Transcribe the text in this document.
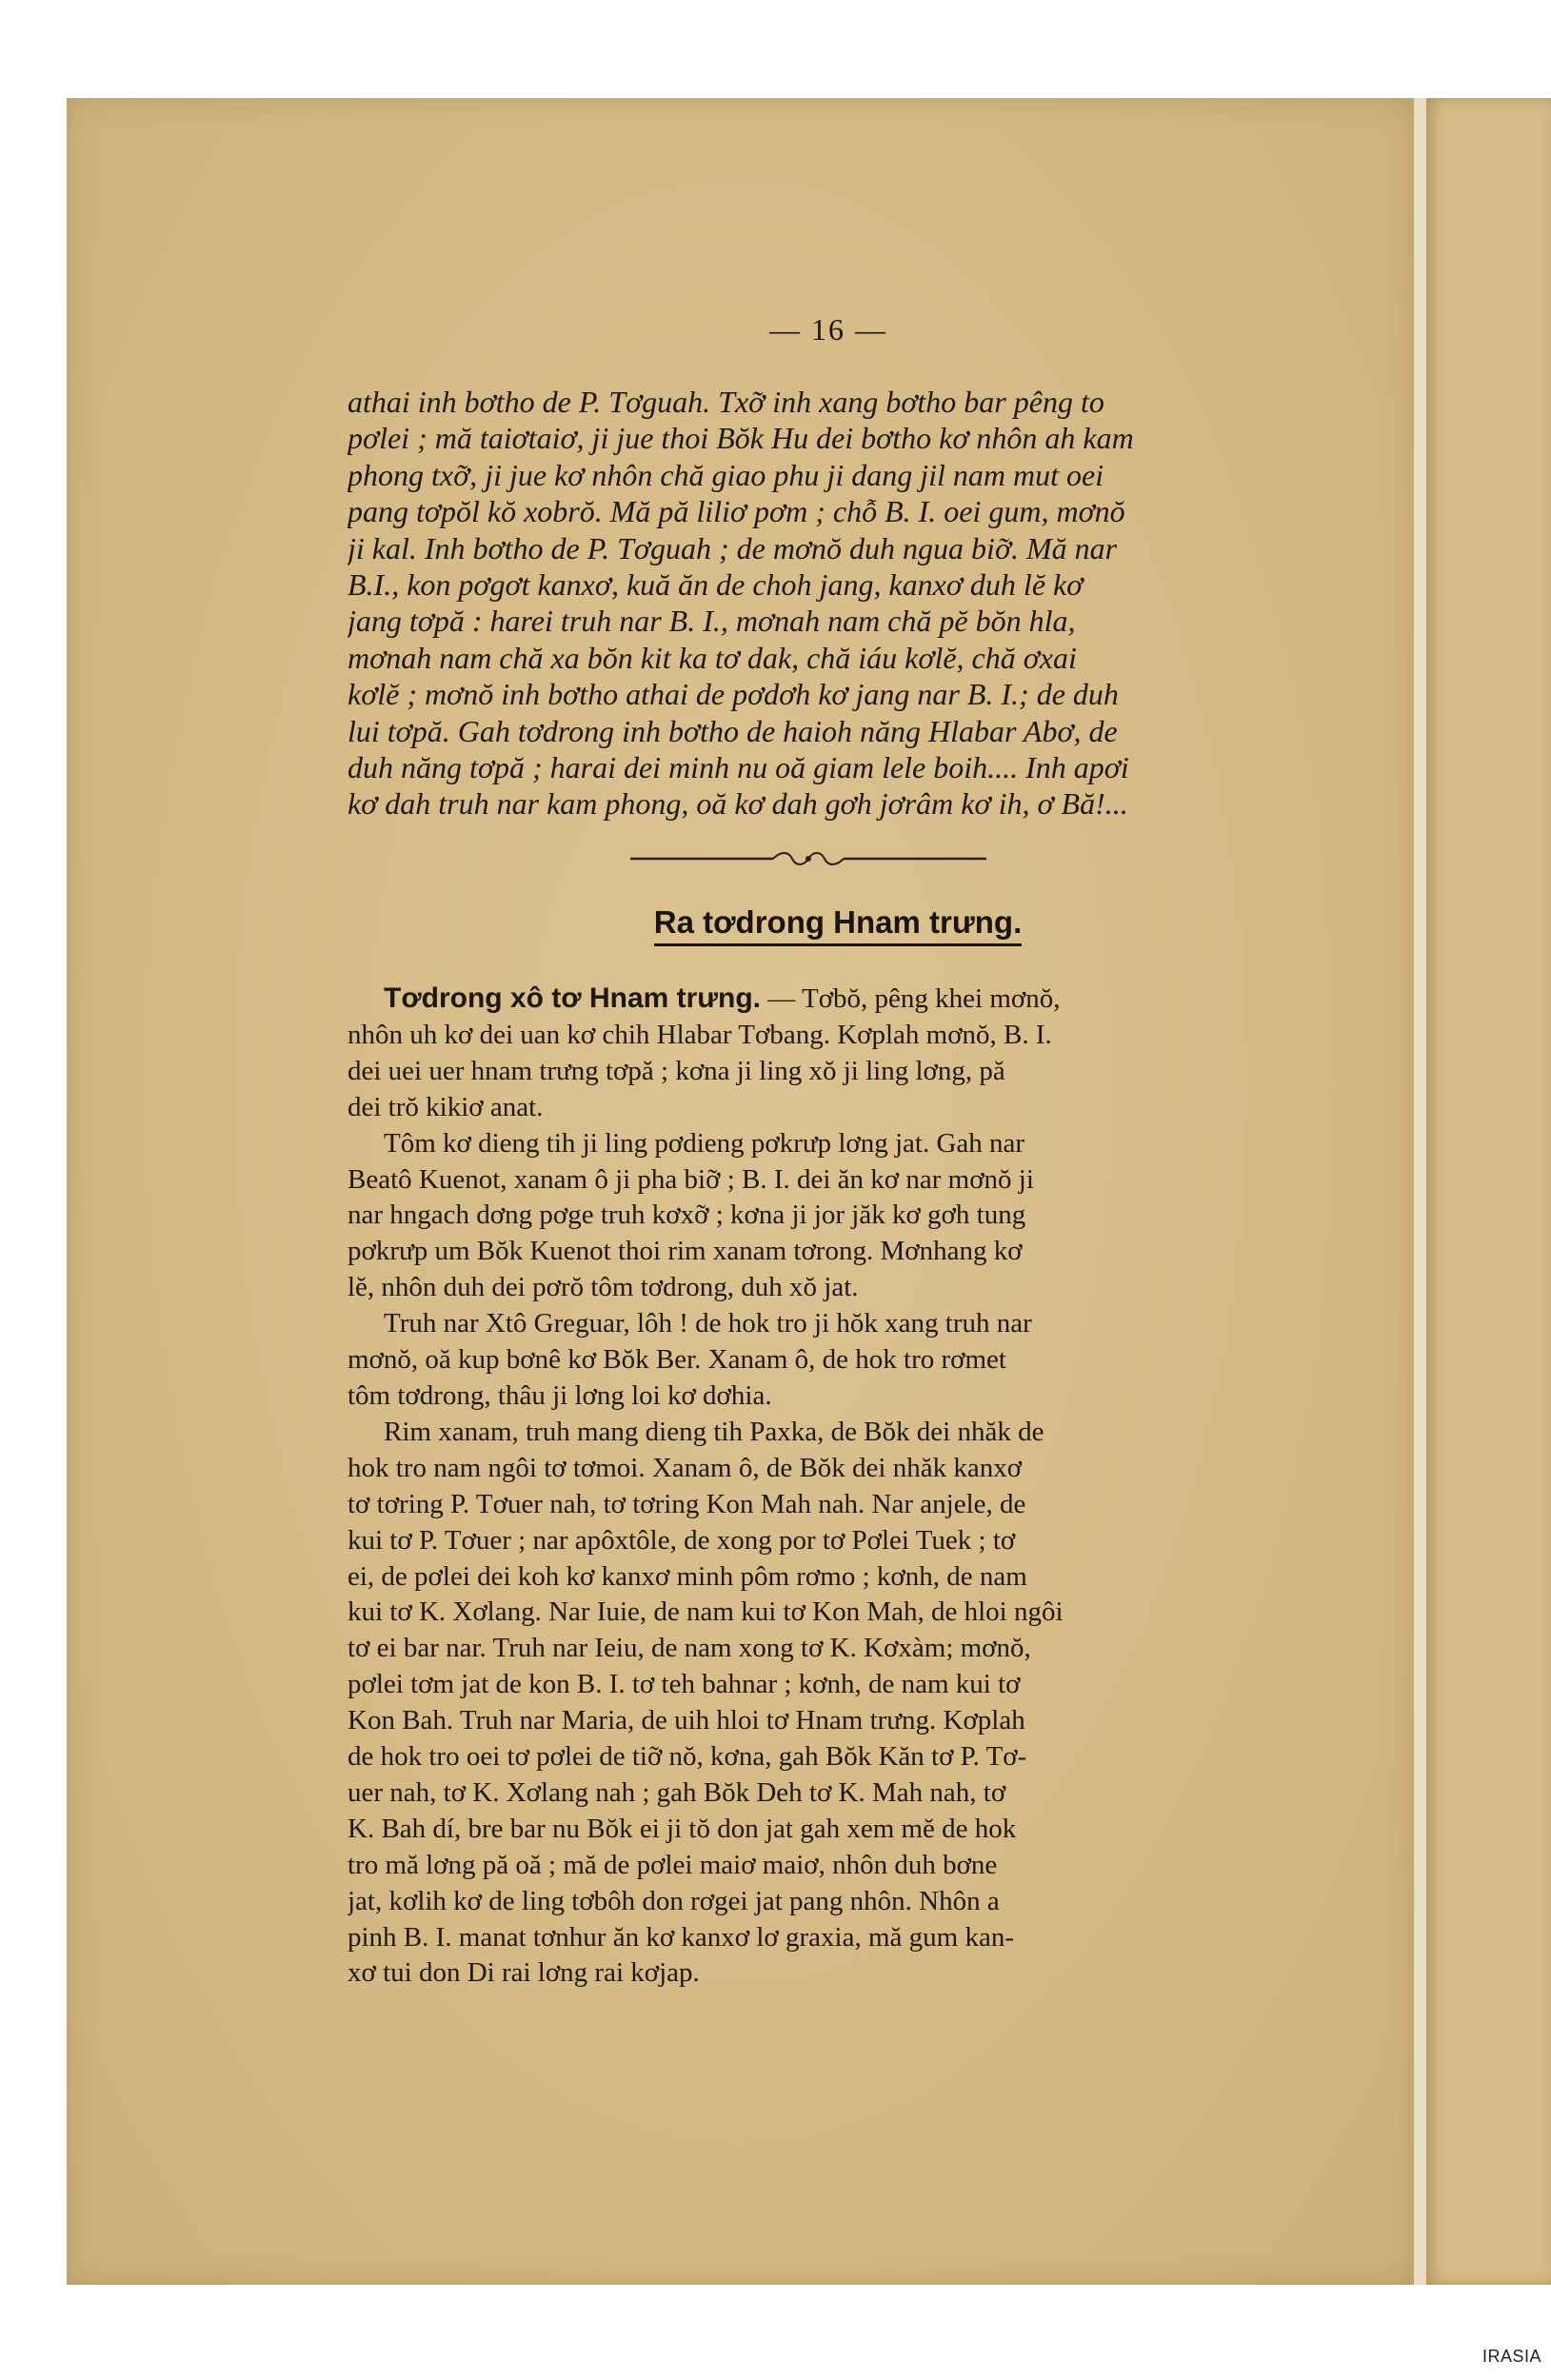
— 16 —
athai inh bơtho de P. Tơguah. Txỡ inh xang bơtho bar pêng to
pơlei ; mă taiơtaiơ, ji jue thoi Bŏk Hu dei bơtho kơ nhôn ah kam
phong txỡ, ji jue kơ nhôn chă giao phu ji dang jil nam mut oei
pang tơpŏl kŏ xobrŏ. Mă pă liliơ pơm ; chỗ B. I. oei gum, mơnŏ
ji kal. Inh bơtho de P. Tơguah ; de mơnŏ duh ngua biỡ. Mă nar
B.I., kon pơgơt kanxơ, kuă ăn de choh jang, kanxơ duh lĕ kơ
jang tơpă : harei truh nar B. I., mơnah nam chă pĕ bŏn hla,
mơnah nam chă xa bŏn kit ka tơ dak, chă iáu kơlĕ, chă ơxai
kơlĕ ; mơnŏ inh bơtho athai de pơdơh kơ jang nar B. I.; de duh
lui tơpă. Gah tơdrong inh bơtho de haioh năng Hlabar Abơ, de
duh năng tơpă ; harai dei minh nu oă giam lele boih.... Inh apơi
kơ dah truh nar kam phong, oă kơ dah gơh jơrâm kơ ih, ơ Bă!...
Ra tơdrong Hnam trưng.
Tơdrong xô tơ Hnam trưng. — Tơbŏ, pêng khei mơnŏ,
nhôn uh kơ dei uan kơ chih Hlabar Tơbang. Kơplah mơnŏ, B. I.
dei uei uer hnam trưng tơpă ; kơna ji ling xŏ ji ling lơng, pă
dei trŏ kikiơ anat.
Tôm kơ dieng tih ji ling pơdieng pơkrưp lơng jat. Gah nar
Beatô Kuenot, xanam ô ji pha biỡ ; B. I. dei ăn kơ nar mơnŏ ji
nar hngach dơng pơge truh kơxỡ ; kơna ji jor jăk kơ gơh tung
pơkrưp um Bŏk Kuenot thoi rim xanam tơrong. Mơnhang kơ
lĕ, nhôn duh dei pơrŏ tôm tơdrong, duh xŏ jat.
Truh nar Xtô Greguar, lôh ! de hok tro ji hŏk xang truh nar
mơnŏ, oă kup bơnê kơ Bŏk Ber. Xanam ô, de hok tro rơmet
tôm tơdrong, thâu ji lơng loi kơ dơhia.
Rim xanam, truh mang dieng tih Paxka, de Bŏk dei nhăk de
hok tro nam ngôi tơ tơmoi. Xanam ô, de Bŏk dei nhăk kanxơ
tơ tơring P. Tơuer nah, tơ tơring Kon Mah nah. Nar anjele, de
kui tơ P. Tơuer ; nar apôxtôle, de xong por tơ Pơlei Tuek ; tơ
ei, de pơlei dei koh kơ kanxơ minh pôm rơmo ; kơnh, de nam
kui tơ K. Xơlang. Nar Iuie, de nam kui tơ Kon Mah, de hloi ngôi
tơ ei bar nar. Truh nar Ieiu, de nam xong tơ K. Kơxàm; mơnŏ,
pơlei tơm jat de kon B. I. tơ teh bahnar ; kơnh, de nam kui tơ
Kon Bah. Truh nar Maria, de uih hloi tơ Hnam trưng. Kơplah
de hok tro oei tơ pơlei de tiỡ nŏ, kơna, gah Bŏk Kăn tơ P. Tơ-
uer nah, tơ K. Xơlang nah ; gah Bŏk Deh tơ K. Mah nah, tơ
K. Bah dí, bre bar nu Bŏk ei ji tŏ don jat gah xem mĕ de hok
tro mă lơng pă oă ; mă de pơlei maiơ maiơ, nhôn duh bơne
jat, kơlih kơ de ling tơbôh don rơgei jat pang nhôn. Nhôn a
pinh B. I. manat tơnhur ăn kơ kanxơ lơ graxia, mă gum kan-
xơ tui don Di rai lơng rai kơjap.
IRASIA
